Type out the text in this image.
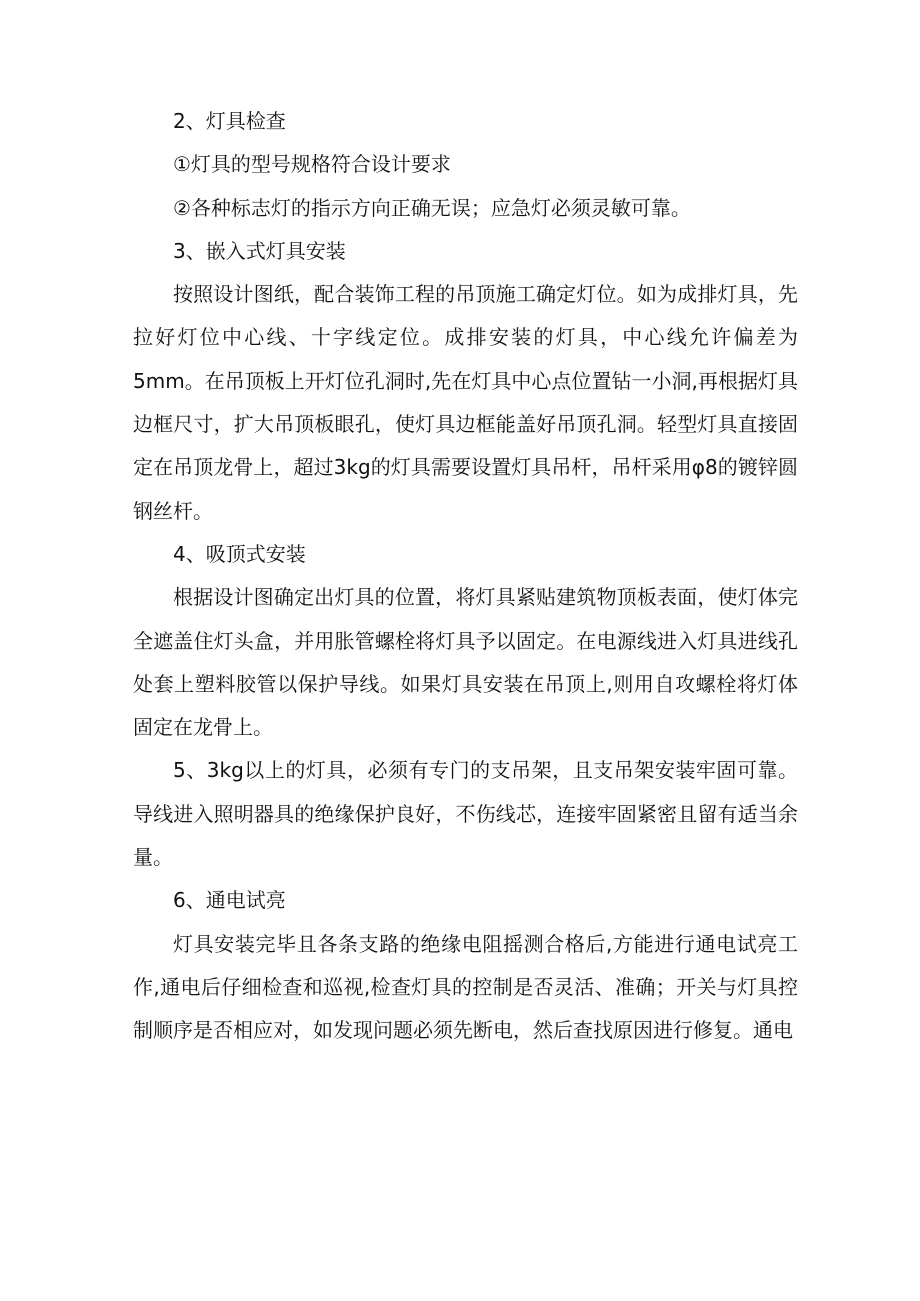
2、灯具检查

①灯具的型号规格符合设计要求

②各种标志灯的指示方向正确无误；应急灯必须灵敏可靠。

3、嵌入式灯具安装

按照设计图纸，配合装饰工程的吊顶施工确定灯位。如为成排灯具，先拉好灯位中心线、十字线定位。成排安装的灯具，中心线允许偏差为5mm。在吊顶板上开灯位孔洞时,先在灯具中心点位置钻一小洞,再根据灯具边框尺寸，扩大吊顶板眼孔，使灯具边框能盖好吊顶孔洞。轻型灯具直接固定在吊顶龙骨上，超过3kg的灯具需要设置灯具吊杆，吊杆采用φ8的镀锌圆钢丝杆。

4、吸顶式安装

根据设计图确定出灯具的位置，将灯具紧贴建筑物顶板表面，使灯体完全遮盖住灯头盒，并用胀管螺栓将灯具予以固定。在电源线进入灯具进线孔处套上塑料胶管以保护导线。如果灯具安装在吊顶上,则用自攻螺栓将灯体固定在龙骨上。

5、3kg以上的灯具，必须有专门的支吊架，且支吊架安装牢固可靠。导线进入照明器具的绝缘保护良好，不伤线芯，连接牢固紧密且留有适当余量。

6、通电试亮

灯具安装完毕且各条支路的绝缘电阻摇测合格后,方能进行通电试亮工作,通电后仔细检查和巡视,检查灯具的控制是否灵活、准确；开关与灯具控制顺序是否相应对，如发现问题必须先断电，然后查找原因进行修复。通电
